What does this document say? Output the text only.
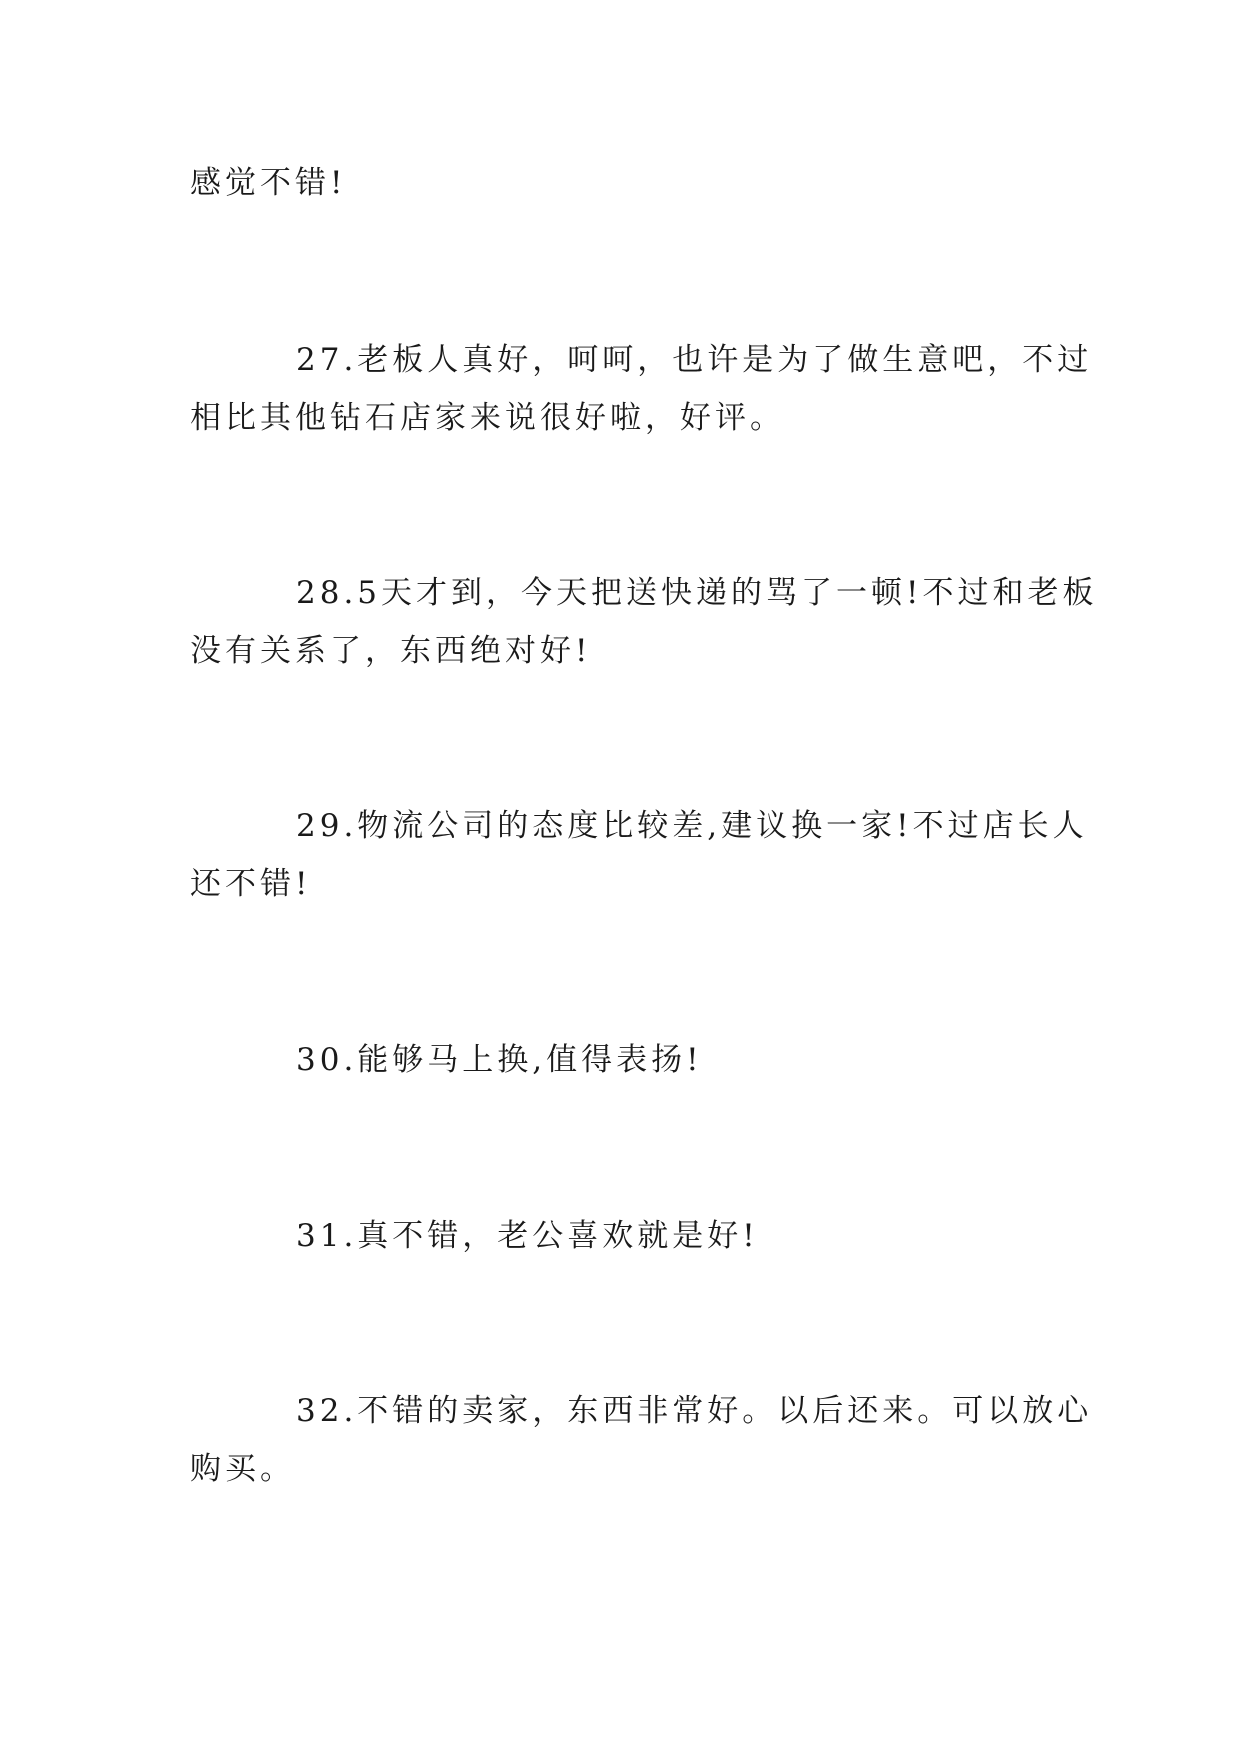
感觉不错!
27.老板人真好，呵呵，也许是为了做生意吧，不过
相比其他钻石店家来说很好啦，好评。
28.5天才到，今天把送快递的骂了一顿!不过和老板
没有关系了，东西绝对好!
29.物流公司的态度比较差,建议换一家!不过店长人
还不错!
30.能够马上换,值得表扬!
31.真不错，老公喜欢就是好!
32.不错的卖家，东西非常好。以后还来。可以放心
购买。
